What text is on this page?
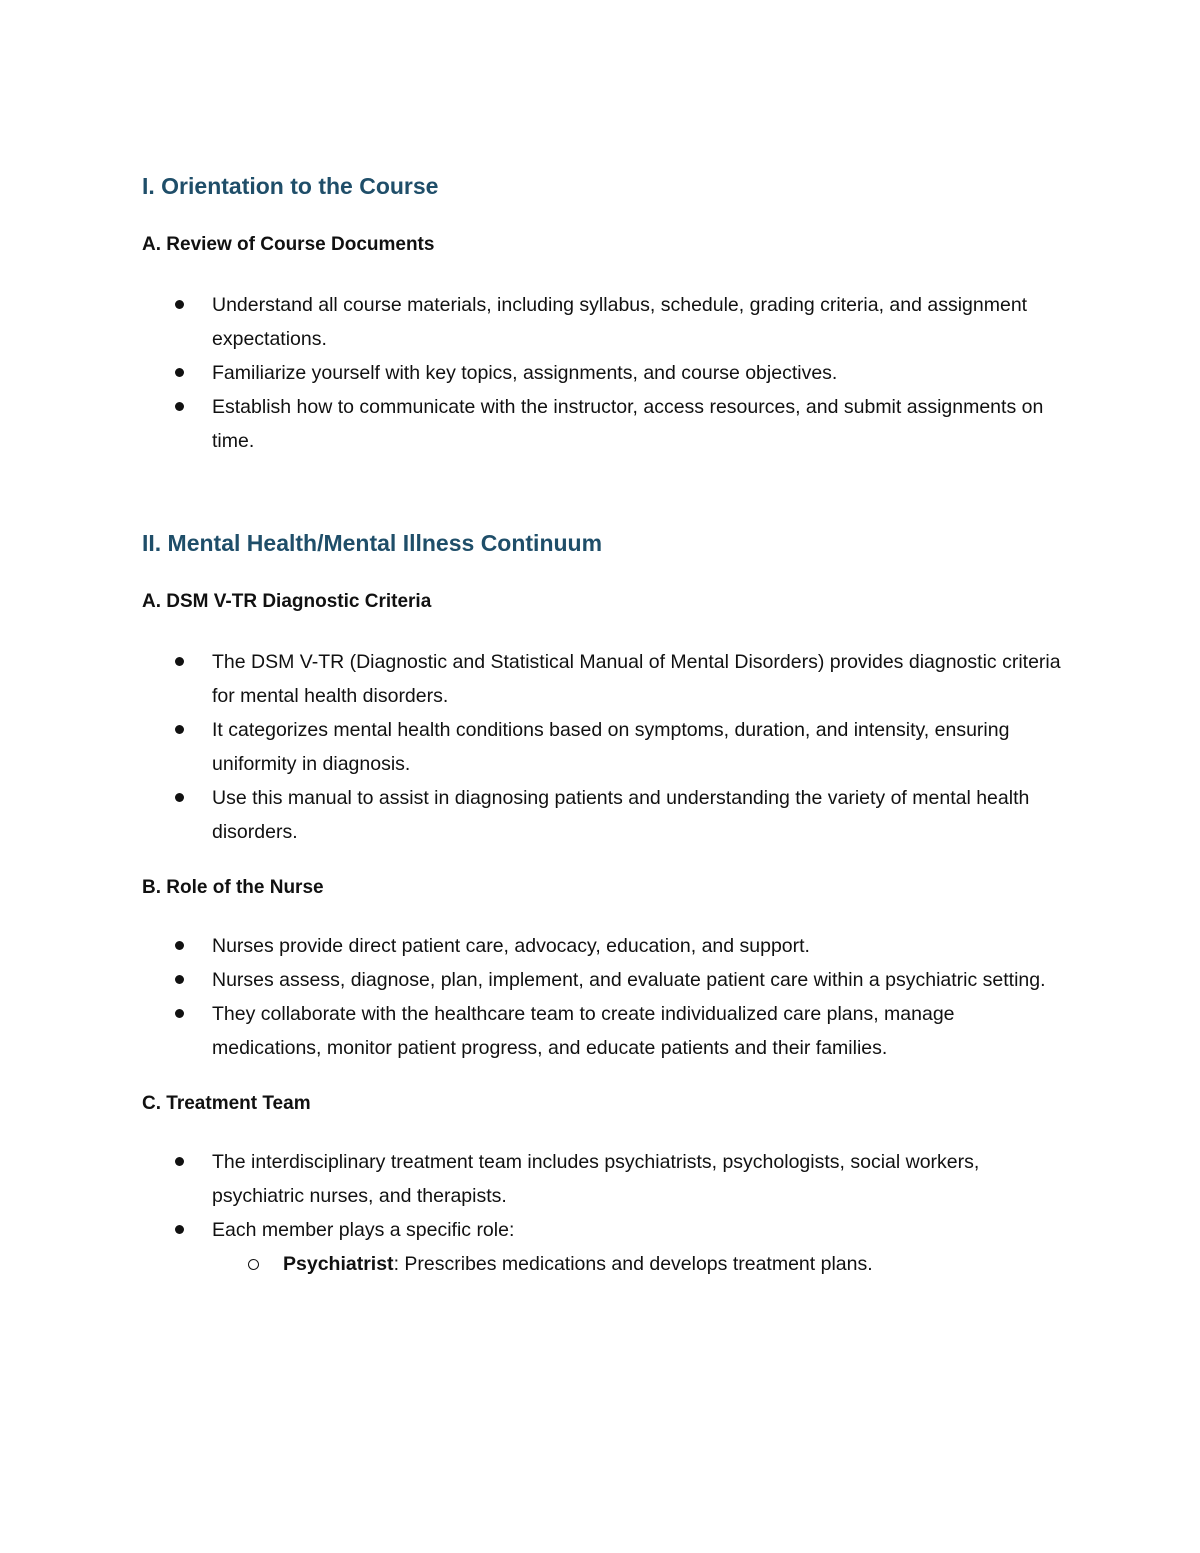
I. Orientation to the Course
A. Review of Course Documents
Understand all course materials, including syllabus, schedule, grading criteria, and assignment expectations.
Familiarize yourself with key topics, assignments, and course objectives.
Establish how to communicate with the instructor, access resources, and submit assignments on time.
II. Mental Health/Mental Illness Continuum
A. DSM V-TR Diagnostic Criteria
The DSM V-TR (Diagnostic and Statistical Manual of Mental Disorders) provides diagnostic criteria for mental health disorders.
It categorizes mental health conditions based on symptoms, duration, and intensity, ensuring uniformity in diagnosis.
Use this manual to assist in diagnosing patients and understanding the variety of mental health disorders.
B. Role of the Nurse
Nurses provide direct patient care, advocacy, education, and support.
Nurses assess, diagnose, plan, implement, and evaluate patient care within a psychiatric setting.
They collaborate with the healthcare team to create individualized care plans, manage medications, monitor patient progress, and educate patients and their families.
C. Treatment Team
The interdisciplinary treatment team includes psychiatrists, psychologists, social workers, psychiatric nurses, and therapists.
Each member plays a specific role:
Psychiatrist: Prescribes medications and develops treatment plans.
